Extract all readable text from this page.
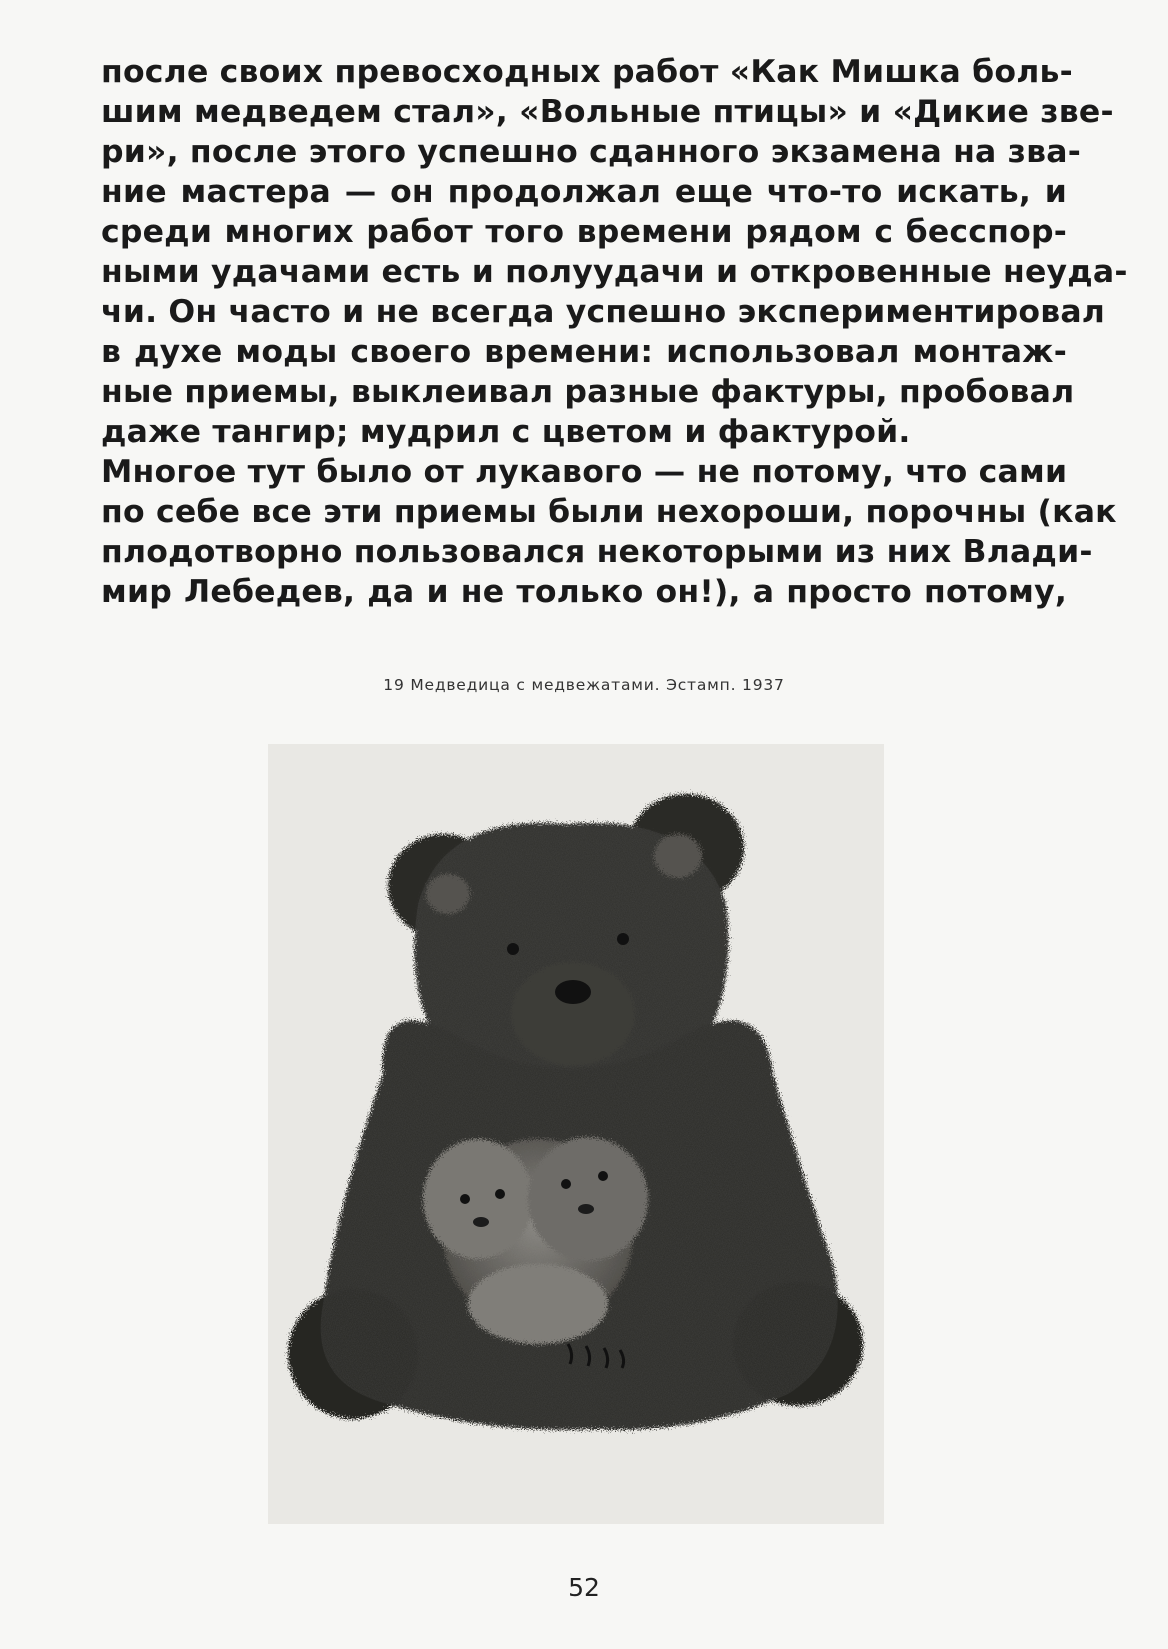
после своих превосходных работ «Как Мишка боль-
шим медведем стал», «Вольные птицы» и «Дикие зве-
ри», после этого успешно сданного экзамена на зва-
ние мастера — он продолжал еще что-то искать, и
среди многих работ того времени рядом с бесспор-
ными удачами есть и полуудачи и откровенные неуда-
чи. Он часто и не всегда успешно экспериментировал
в духе моды своего времени: использовал монтаж-
ные приемы, выклеивал разные фактуры, пробовал
даже тангир; мудрил с цветом и фактурой.
Многое тут было от лукавого — не потому, что сами
по себе все эти приемы были нехороши, порочны (как
плодотворно пользовался некоторыми из них Влади-
мир Лебедев, да и не только он!), а просто потому,
19 Медведица с медвежатами. Эстамп. 1937
52
